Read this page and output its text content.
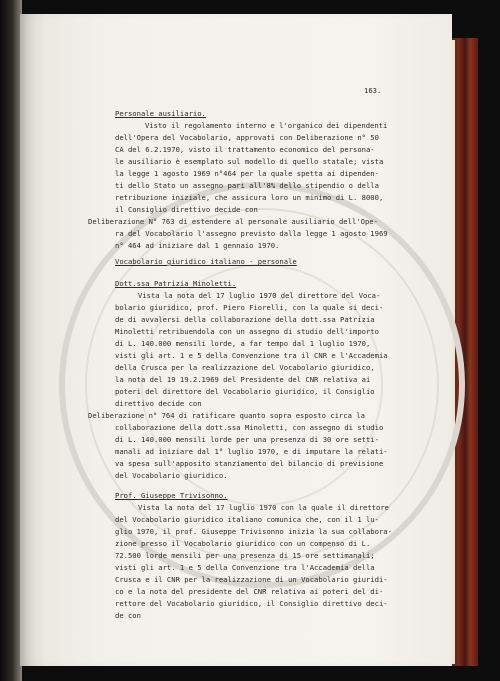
163.
Personale ausiliario.
Visto il regolamento interno e l'organico dei dipendenti
dell'Opera del Vocabolario, approvati con Deliberazione n° 50
CA del 6.2.1970, visto il trattamento economico del persona-
le ausiliario è esemplato sul modello di quello statale; vista
la legge 1 agosto 1969 n°464 per la quale spetta ai dipenden-
ti dello Stato un assegno pari all'8% dello stipendio o della
retribuzione iniziale, che assicura loro un minimo di L. 8000,
il Consiglio direttivo decide con
Deliberazione N° 763 di estendere al personale ausiliario dell'Ope-
ra del Vocabolario l'assegno previsto dalla legge 1 agosto 1969
n° 464 ad iniziare dal 1 gennaio 1970.
Vocabolario giuridico italiano - personale
Dott.ssa Patrizia Minoletti.
Vista la nota del 17 luglio 1970 del direttore del Voca-
bolario giuridico, prof. Piero Fiorelli, con la quale si deci-
de di avvalersi della collaborazione della dott.ssa Patrizia
Minoletti retribuendola con un assegno di studio dell'importo
di L. 140.000 mensili lorde, a far tempo dal 1 luglio 1970,
visti gli art. 1 e 5 della Convenzione tra il CNR e l'Accademia
della Crusca per la realizzazione del Vocabolario giuridico,
la nota del 19 19.2.1969 del Presidente del CNR relativa ai
poteri del direttore del Vocabolario giuridico, il Consiglio
direttivo decide con
Deliberazione n° 764 di ratificare quanto sopra esposto circa la
collaborazione della dott.ssa Minoletti, con assegno di studio
di L. 140.000 mensili lorde per una presenza di 30 ore setti-
manali ad iniziare dal 1° luglio 1970, e di imputare la relati-
va spesa sull'apposito stanziamento del bilancio di previsione
del Vocabolario giuridico.
Prof. Giuseppe Trivisonno.
Vista la nota del 17 luglio 1970 con la quale il direttore
del Vocabolario giuridico italiano comunica che, con il 1 lu-
glio 1970, il prof. Giuseppe Trivisonno inizia la sua collabora-
zione presso il Vocabolario giuridico con un compenso di L.
72.500 lorde mensili per una presenza di 15 ore settimanali;
visti gli art. 1 e 5 della Convenzione tra l'Accademia della
Crusca e il CNR per la realizzazione di un Vocabolario giuridi-
co e la nota del presidente del CNR relativa ai poteri del di-
rettore del Vocabolario giuridico, il Consiglio direttivo deci-
de con
